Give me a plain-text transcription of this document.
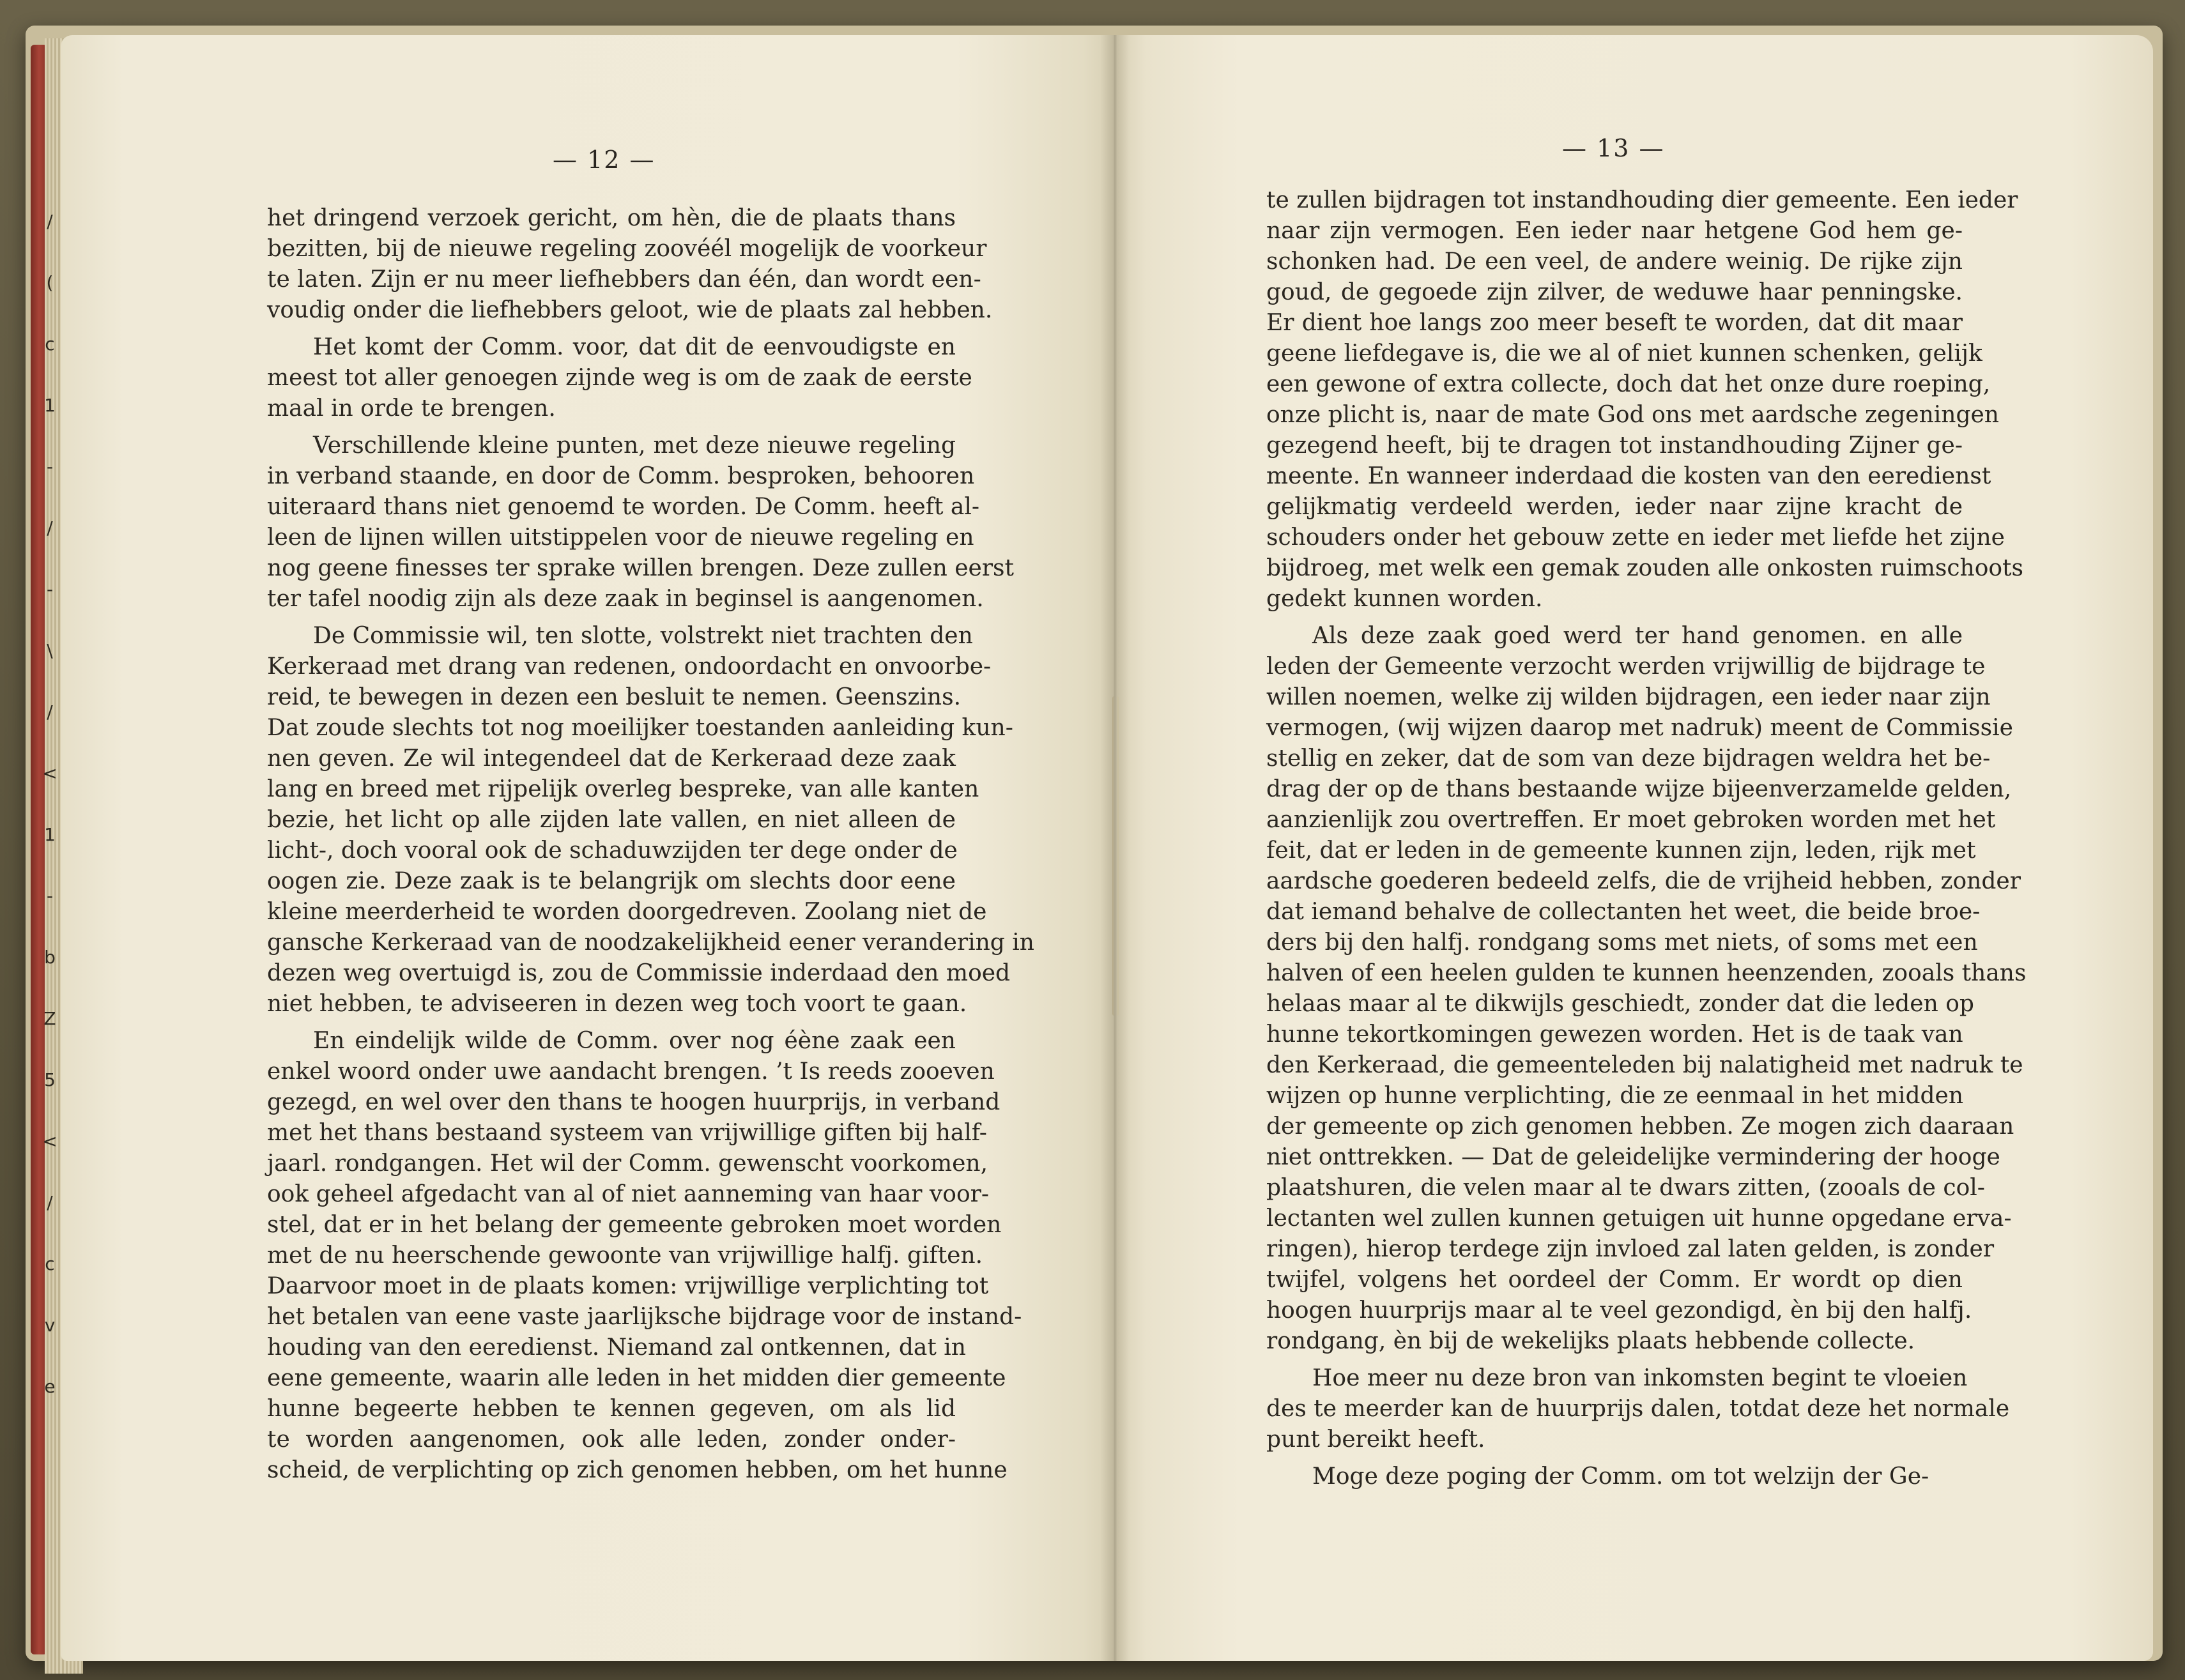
/
(
c
1
-
/
-
\
/
<
1
-
b
Z
5
<
/
c
v
e
— 12 —	— 13 —

het dringend verzoek gericht, om hèn, die de plaats thans
bezitten, bij de nieuwe regeling zoovéél mogelijk de voorkeur
te laten. Zijn er nu meer liefhebbers dan één, dan wordt een-
voudig onder die liefhebbers geloot, wie de plaats zal hebben.

Het komt der Comm. voor, dat dit de eenvoudigste en
meest tot aller genoegen zijnde weg is om de zaak de eerste
maal in orde te brengen.

Verschillende kleine punten, met deze nieuwe regeling
in verband staande, en door de Comm. besproken, behooren
uiteraard thans niet genoemd te worden. De Comm. heeft al-
leen de lijnen willen uitstippelen voor de nieuwe regeling en
nog geene finesses ter sprake willen brengen. Deze zullen eerst
ter tafel noodig zijn als deze zaak in beginsel is aangenomen.

De Commissie wil, ten slotte, volstrekt niet trachten den
Kerkeraad met drang van redenen, ondoordacht en onvoorbe-
reid, te bewegen in dezen een besluit te nemen. Geenszins.
Dat zoude slechts tot nog moeilijker toestanden aanleiding kun-
nen geven. Ze wil integendeel dat de Kerkeraad deze zaak
lang en breed met rijpelijk overleg bespreke, van alle kanten
bezie, het licht op alle zijden late vallen, en niet alleen de
licht-, doch vooral ook de schaduwzijden ter dege onder de
oogen zie. Deze zaak is te belangrijk om slechts door eene
kleine meerderheid te worden doorgedreven. Zoolang niet de
gansche Kerkeraad van de noodzakelijkheid eener verandering in
dezen weg overtuigd is, zou de Commissie inderdaad den moed
niet hebben, te adviseeren in dezen weg toch voort te gaan.

En eindelijk wilde de Comm. over nog éène zaak een
enkel woord onder uwe aandacht brengen. ’t Is reeds zooeven
gezegd, en wel over den thans te hoogen huurprijs, in verband
met het thans bestaand systeem van vrijwillige giften bij half-
jaarl. rondgangen. Het wil der Comm. gewenscht voorkomen,
ook geheel afgedacht van al of niet aanneming van haar voor-
stel, dat er in het belang der gemeente gebroken moet worden
met de nu heerschende gewoonte van vrijwillige halfj. giften.
Daarvoor moet in de plaats komen: vrijwillige verplichting tot
het betalen van eene vaste jaarlijksche bijdrage voor de instand-
houding van den eeredienst. Niemand zal ontkennen, dat in
eene gemeente, waarin alle leden in het midden dier gemeente
hunne begeerte hebben te kennen gegeven, om als lid
te worden aangenomen, ook alle leden, zonder onder-
scheid, de verplichting op zich genomen hebben, om het hunne

te zullen bijdragen tot instandhouding dier gemeente. Een ieder
naar zijn vermogen. Een ieder naar hetgene God hem ge-
schonken had. De een veel, de andere weinig. De rijke zijn
goud, de gegoede zijn zilver, de weduwe haar penningske.
Er dient hoe langs zoo meer beseft te worden, dat dit maar
geene liefdegave is, die we al of niet kunnen schenken, gelijk
een gewone of extra collecte, doch dat het onze dure roeping,
onze plicht is, naar de mate God ons met aardsche zegeningen
gezegend heeft, bij te dragen tot instandhouding Zijner ge-
meente. En wanneer inderdaad die kosten van den eeredienst
gelijkmatig verdeeld werden, ieder naar zijne kracht de
schouders onder het gebouw zette en ieder met liefde het zijne
bijdroeg, met welk een gemak zouden alle onkosten ruimschoots
gedekt kunnen worden.

Als deze zaak goed werd ter hand genomen. en alle
leden der Gemeente verzocht werden vrijwillig de bijdrage te
willen noemen, welke zij wilden bijdragen, een ieder naar zijn
vermogen, (wij wijzen daarop met nadruk) meent de Commissie
stellig en zeker, dat de som van deze bijdragen weldra het be-
drag der op de thans bestaande wijze bijeenverzamelde gelden,
aanzienlijk zou overtreffen. Er moet gebroken worden met het
feit, dat er leden in de gemeente kunnen zijn, leden, rijk met
aardsche goederen bedeeld zelfs, die de vrijheid hebben, zonder
dat iemand behalve de collectanten het weet, die beide broe-
ders bij den halfj. rondgang soms met niets, of soms met een
halven of een heelen gulden te kunnen heenzenden, zooals thans
helaas maar al te dikwijls geschiedt, zonder dat die leden op
hunne tekortkomingen gewezen worden. Het is de taak van
den Kerkeraad, die gemeenteleden bij nalatigheid met nadruk te
wijzen op hunne verplichting, die ze eenmaal in het midden
der gemeente op zich genomen hebben. Ze mogen zich daaraan
niet onttrekken. — Dat de geleidelijke vermindering der hooge
plaatshuren, die velen maar al te dwars zitten, (zooals de col-
lectanten wel zullen kunnen getuigen uit hunne opgedane erva-
ringen), hierop terdege zijn invloed zal laten gelden, is zonder
twijfel, volgens het oordeel der Comm. Er wordt op dien
hoogen huurprijs maar al te veel gezondigd, èn bij den halfj.
rondgang, èn bij de wekelijks plaats hebbende collecte.

Hoe meer nu deze bron van inkomsten begint te vloeien
des te meerder kan de huurprijs dalen, totdat deze het normale
punt bereikt heeft.

Moge deze poging der Comm. om tot welzijn der Ge-
